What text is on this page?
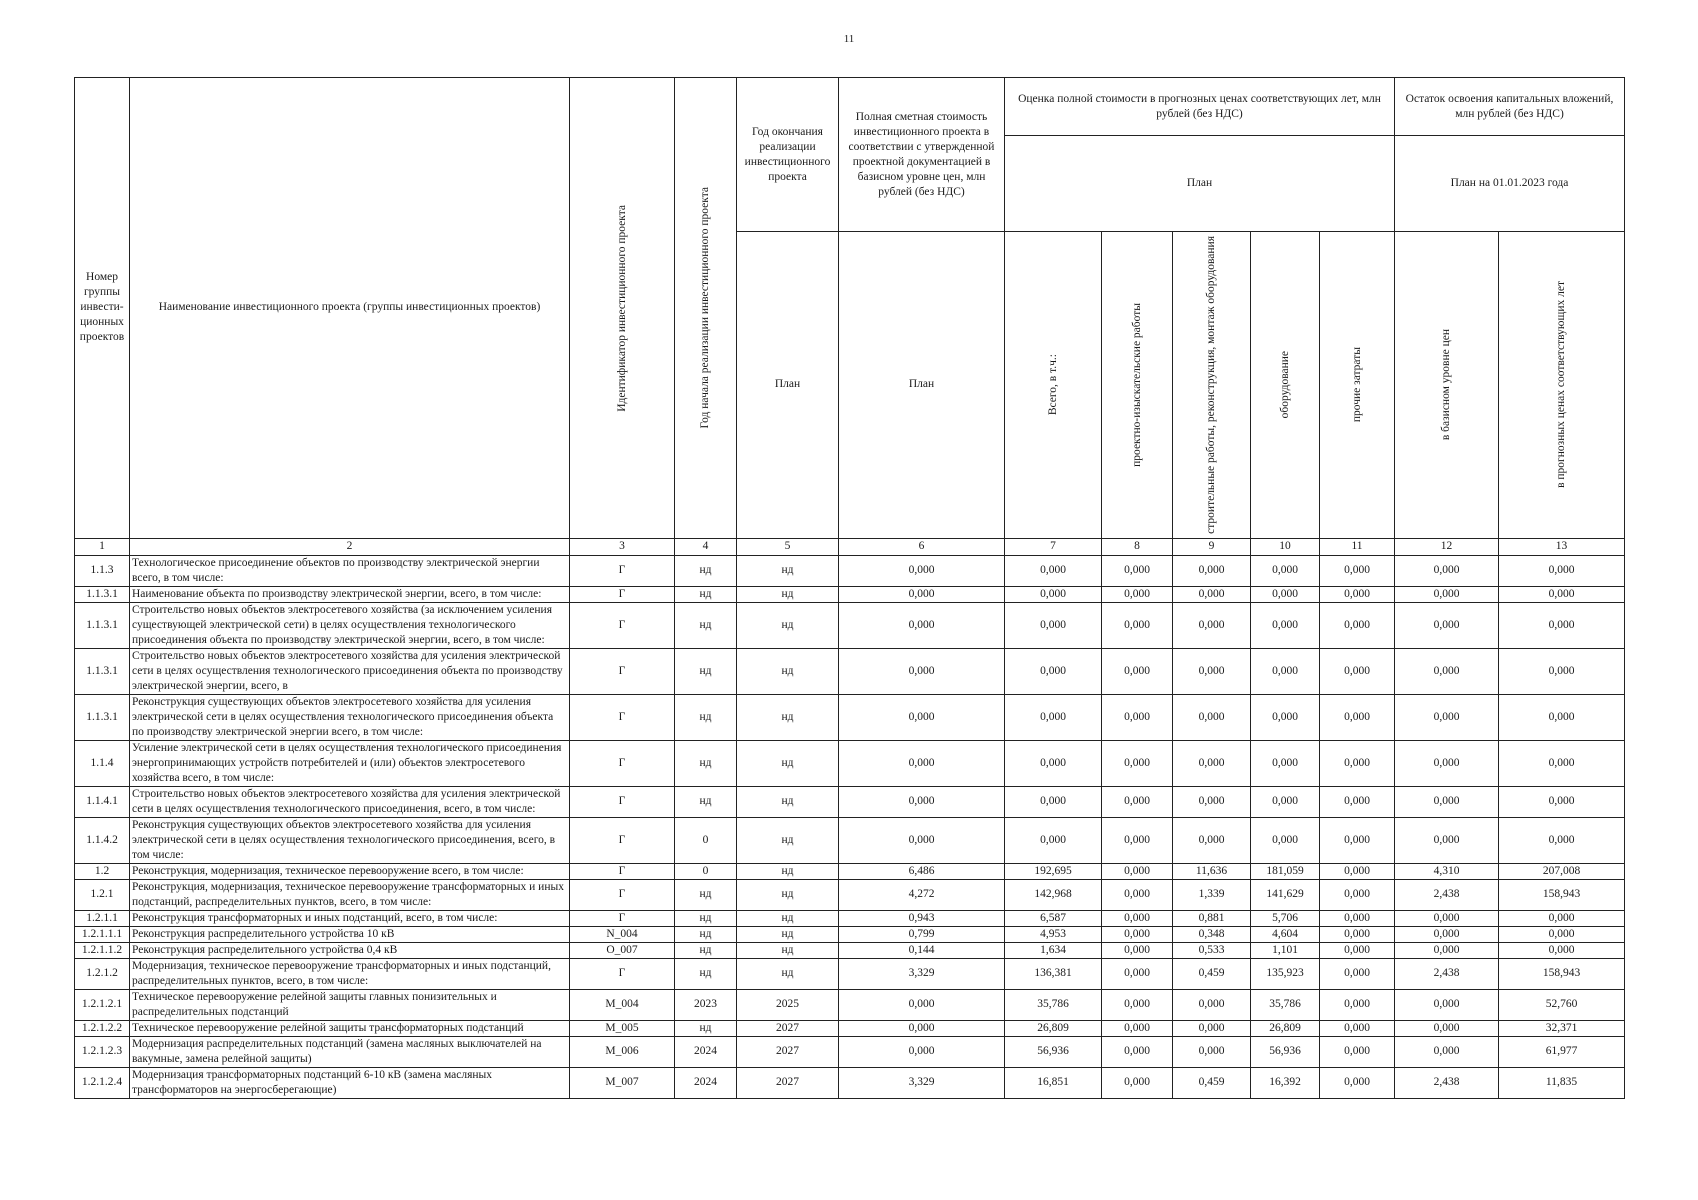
11
Номер группы инвести-ционных проектов	Наименование инвестиционного проекта (группы инвестиционных проектов)	Идентификатор инвестиционного проекта	Год начала реализации инвестиционного проекта	Год окончания реализации инвестиционного проекта	Полная сметная стоимость инвестиционного проекта в соответствии с утвержденной проектной документацией в базисном уровне цен, млн рублей (без НДС)	Оценка полной стоимости в прогнозных ценах соответствующих лет, млн рублей (без НДС)					Остаток освоения капитальных вложений, млн рублей (без НДС)	
						План					План на 01.01.2023 года	
				План	План	Всего, в т.ч.:	проектно-изыскательские работы	строительные работы, реконструкция, монтаж оборудования	оборудование	прочие затраты	в базисном уровне цен	в прогнозных ценах соответствующих лет

1	2	3	4	5	6	7	8	9	10	11	12	13
1.1.3	Технологическое присоединение объектов по производству электрической энергии всего, в том числе:	Г	нд	нд	0,000	0,000	0,000	0,000	0,000	0,000	0,000	0,000
1.1.3.1	Наименование объекта по производству электрической энергии, всего, в том числе:	Г	нд	нд	0,000	0,000	0,000	0,000	0,000	0,000	0,000	0,000
1.1.3.1	Строительство новых объектов электросетевого хозяйства (за исключением усиления существующей электрической сети) в целях осуществления технологического присоединения объекта по производству электрической энергии, всего, в том числе:	Г	нд	нд	0,000	0,000	0,000	0,000	0,000	0,000	0,000	0,000
1.1.3.1	Строительство новых объектов электросетевого хозяйства для усиления электрической сети в целях осуществления технологического присоединения объекта по производству электрической энергии, всего, в	Г	нд	нд	0,000	0,000	0,000	0,000	0,000	0,000	0,000	0,000
1.1.3.1	Реконструкция существующих объектов электросетевого хозяйства для усиления электрической сети в целях осуществления технологического присоединения объекта по производству электрической энергии всего, в том числе:	Г	нд	нд	0,000	0,000	0,000	0,000	0,000	0,000	0,000	0,000
1.1.4	Усиление электрической сети в целях осуществления технологического присоединения энергопринимающих устройств потребителей и (или) объектов электросетевого хозяйства всего, в том числе:	Г	нд	нд	0,000	0,000	0,000	0,000	0,000	0,000	0,000	0,000
1.1.4.1	Строительство новых объектов электросетевого хозяйства для усиления электрической сети в целях осуществления технологического присоединения, всего, в том числе:	Г	нд	нд	0,000	0,000	0,000	0,000	0,000	0,000	0,000	0,000
1.1.4.2	Реконструкция существующих объектов электросетевого хозяйства для усиления электрической сети в целях осуществления технологического присоединения, всего, в том числе:	Г	0	нд	0,000	0,000	0,000	0,000	0,000	0,000	0,000	0,000
1.2	Реконструкция, модернизация, техническое перевооружение всего, в том числе:	Г	0	нд	6,486	192,695	0,000	11,636	181,059	0,000	4,310	207,008
1.2.1	Реконструкция, модернизация, техническое перевооружение трансформаторных и иных подстанций, распределительных пунктов, всего, в том числе:	Г	нд	нд	4,272	142,968	0,000	1,339	141,629	0,000	2,438	158,943
1.2.1.1	Реконструкция трансформаторных и иных подстанций, всего, в том числе:	Г	нд	нд	0,943	6,587	0,000	0,881	5,706	0,000	0,000	0,000
1.2.1.1.1	Реконструкция распределительного устройства 10 кВ	N_004	нд	нд	0,799	4,953	0,000	0,348	4,604	0,000	0,000	0,000
1.2.1.1.2	Реконструкция распределительного устройства 0,4 кВ	O_007	нд	нд	0,144	1,634	0,000	0,533	1,101	0,000	0,000	0,000
1.2.1.2	Модернизация, техническое перевооружение трансформаторных и иных подстанций, распределительных пунктов, всего, в том числе:	Г	нд	нд	3,329	136,381	0,000	0,459	135,923	0,000	2,438	158,943
1.2.1.2.1	Техническое перевооружение релейной защиты главных понизительных и распределительных подстанций	M_004	2023	2025	0,000	35,786	0,000	0,000	35,786	0,000	0,000	52,760
1.2.1.2.2	Техническое перевооружение релейной защиты трансформаторных подстанций	M_005	нд	2027	0,000	26,809	0,000	0,000	26,809	0,000	0,000	32,371
1.2.1.2.3	Модернизация распределительных подстанций (замена масляных выключателей на вакумные, замена релейной защиты)	M_006	2024	2027	0,000	56,936	0,000	0,000	56,936	0,000	0,000	61,977
1.2.1.2.4	Модернизация трансформаторных подстанций 6-10 кВ (замена масляных трансформаторов на энергосберегающие)	M_007	2024	2027	3,329	16,851	0,000	0,459	16,392	0,000	2,438	11,835
